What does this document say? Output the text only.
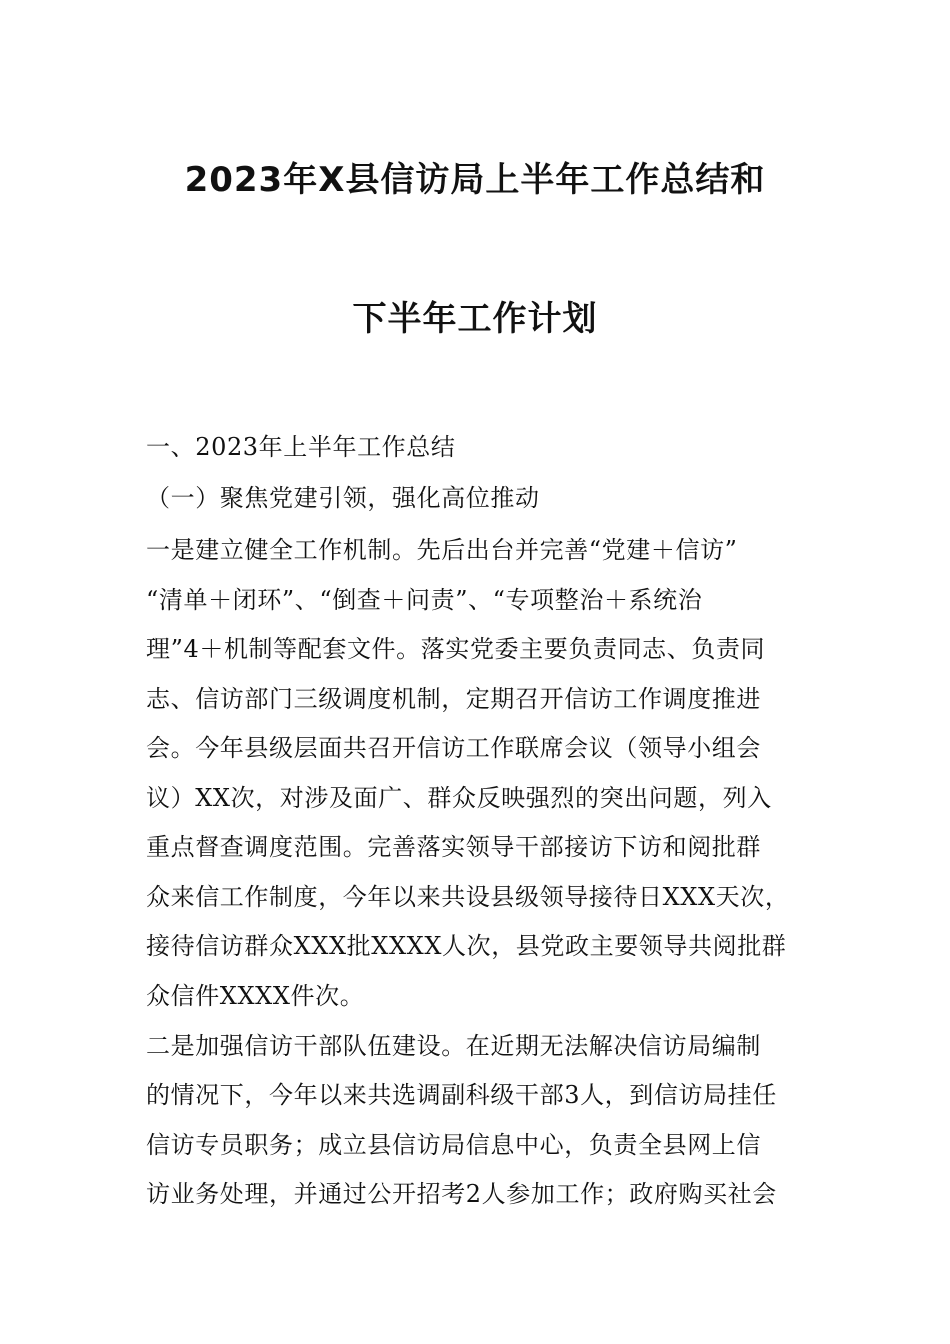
2023年X县信访局上半年工作总结和
下半年工作计划
一、2023年上半年工作总结
（一）聚焦党建引领，强化高位推动
一是建立健全工作机制。先后出台并完善“党建＋信访”
“清单＋闭环”、“倒查＋问责”、“专项整治＋系统治
理”4＋机制等配套文件。落实党委主要负责同志、负责同
志、信访部门三级调度机制，定期召开信访工作调度推进
会。今年县级层面共召开信访工作联席会议（领导小组会
议）XX次，对涉及面广、群众反映强烈的突出问题，列入
重点督查调度范围。完善落实领导干部接访下访和阅批群
众来信工作制度，今年以来共设县级领导接待日XXX天次，
接待信访群众XXX批XXXX人次，县党政主要领导共阅批群
众信件XXXX件次。
二是加强信访干部队伍建设。在近期无法解决信访局编制
的情况下，今年以来共选调副科级干部3人，到信访局挂任
信访专员职务；成立县信访局信息中心，负责全县网上信
访业务处理，并通过公开招考2人参加工作；政府购买社会
